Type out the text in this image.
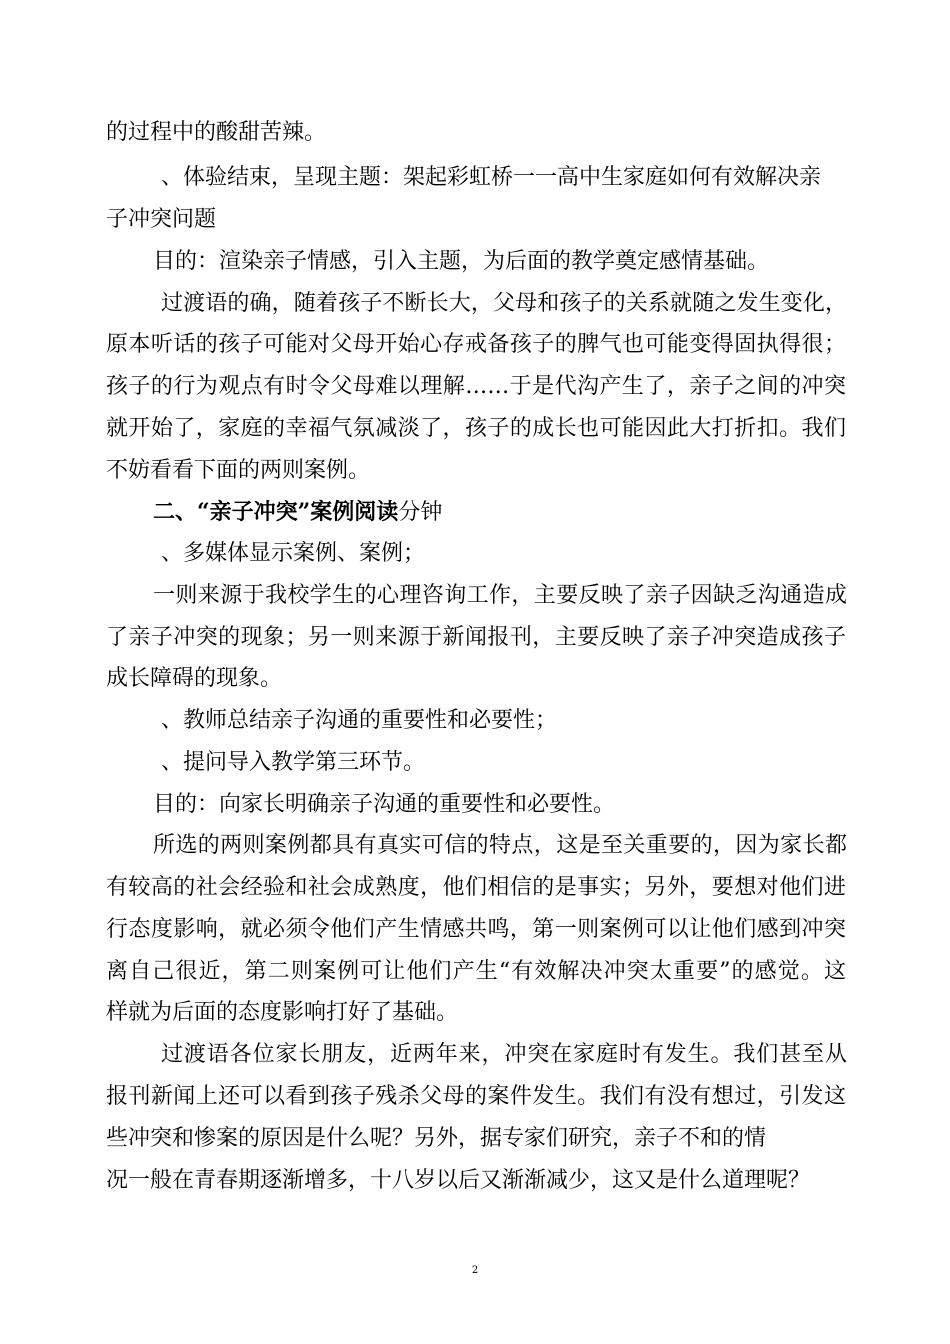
的过程中的酸甜苦辣。
、体验结束，呈现主题：架起彩虹桥一一高中生家庭如何有效解决亲
子冲突问题
目的：渲染亲子情感，引入主题，为后面的教学奠定感情基础。
过渡语的确，随着孩子不断长大，父母和孩子的关系就随之发生变化，
原本听话的孩子可能对父母开始心存戒备孩子的脾气也可能变得固执得很；
孩子的行为观点有时令父母难以理解……于是代沟产生了，亲子之间的冲突
就开始了，家庭的幸福气氛减淡了，孩子的成长也可能因此大打折扣。我们
不妨看看下面的两则案例。
二、“亲子冲突”案例阅读分钟
、多媒体显示案例、案例；
一则来源于我校学生的心理咨询工作，主要反映了亲子因缺乏沟通造成
了亲子冲突的现象；另一则来源于新闻报刊，主要反映了亲子冲突造成孩子
成长障碍的现象。
、教师总结亲子沟通的重要性和必要性；
、提问导入教学第三环节。
目的：向家长明确亲子沟通的重要性和必要性。
所选的两则案例都具有真实可信的特点，这是至关重要的，因为家长都
有较高的社会经验和社会成熟度，他们相信的是事实；另外，要想对他们进
行态度影响，就必须令他们产生情感共鸣，第一则案例可以让他们感到冲突
离自己很近，第二则案例可让他们产生“有效解决冲突太重要”的感觉。这
样就为后面的态度影响打好了基础。
过渡语各位家长朋友，近两年来，冲突在家庭时有发生。我们甚至从
报刊新闻上还可以看到孩子残杀父母的案件发生。我们有没有想过，引发这
些冲突和惨案的原因是什么呢？另外，据专家们研究，亲子不和的情
况一般在青春期逐渐增多，十八岁以后又渐渐减少，这又是什么道理呢？
2
